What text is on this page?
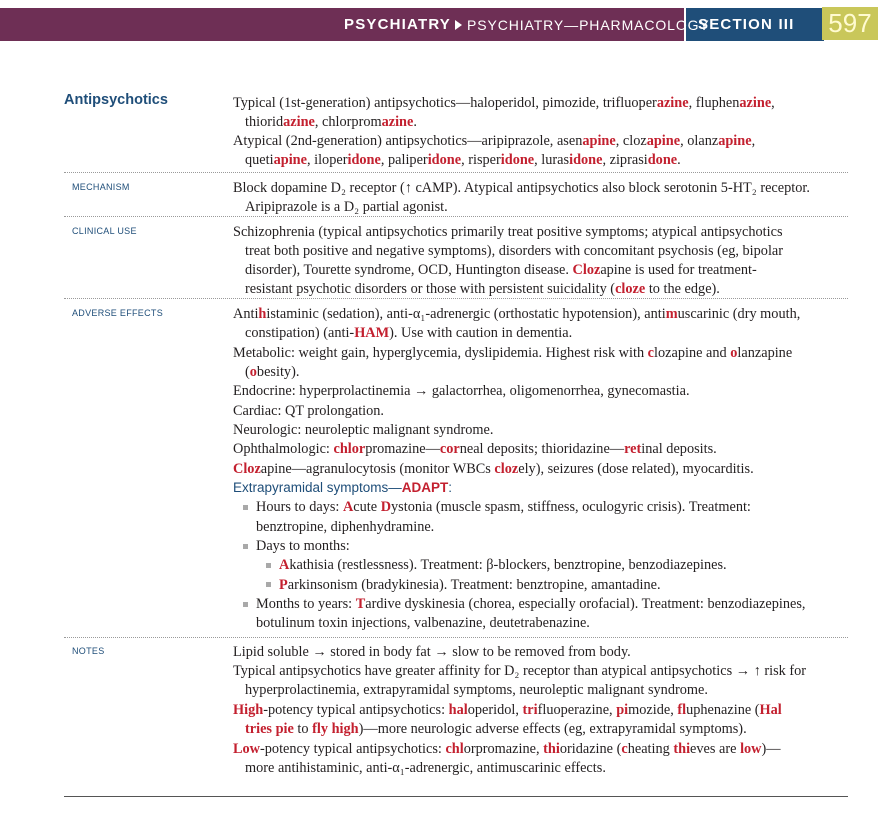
PSYCHIATRY PSYCHIATRY—PHARMACOLOGY
SECTION III 597
Antipsychotics
MECHANISM
CLINICAL USE
ADVERSE EFFECTS
NOTES
Typical (1st-generation) antipsychotics—haloperidol, pimozide, trifluoperazine, fluphenazine,
thioridazine, chlorpromazine.
Atypical (2nd-generation) antipsychotics—aripiprazole, asenapine, clozapine, olanzapine,
quetiapine, iloperidone, paliperidone, risperidone, lurasidone, ziprasidone.
Block dopamine D₂ receptor (↑ cAMP). Atypical antipsychotics also block serotonin 5-HT₂ receptor.
Aripiprazole is a D₂ partial agonist.
Schizophrenia (typical antipsychotics primarily treat positive symptoms; atypical antipsychotics
treat both positive and negative symptoms), disorders with concomitant psychosis (eg, bipolar
disorder), Tourette syndrome, OCD, Huntington disease. Clozapine is used for treatment-
resistant psychotic disorders or those with persistent suicidality (cloze to the edge).
Antihistaminic (sedation), anti-α₁-adrenergic (orthostatic hypotension), antimuscarinic (dry mouth,
constipation) (anti-HAM). Use with caution in dementia.
Metabolic: weight gain, hyperglycemia, dyslipidemia. Highest risk with clozapine and olanzapine
(obesity).
Endocrine: hyperprolactinemia → galactorrhea, oligomenorrhea, gynecomastia.
Cardiac: QT prolongation.
Neurologic: neuroleptic malignant syndrome.
Ophthalmologic: chlorpromazine—corneal deposits; thioridazine—retinal deposits.
Clozapine—agranulocytosis (monitor WBCs clozely), seizures (dose related), myocarditis.
Extrapyramidal symptoms—ADAPT:
Hours to days: Acute Dystonia (muscle spasm, stiffness, oculogyric crisis). Treatment:
benztropine, diphenhydramine.
Days to months:
Akathisia (restlessness). Treatment: β-blockers, benztropine, benzodiazepines.
Parkinsonism (bradykinesia). Treatment: benztropine, amantadine.
Months to years: Tardive dyskinesia (chorea, especially orofacial). Treatment: benzodiazepines,
botulinum toxin injections, valbenazine, deutetrabenazine.
Lipid soluble → stored in body fat → slow to be removed from body.
Typical antipsychotics have greater affinity for D₂ receptor than atypical antipsychotics → ↑ risk for
hyperprolactinemia, extrapyramidal symptoms, neuroleptic malignant syndrome.
High-potency typical antipsychotics: haloperidol, trifluoperazine, pimozide, fluphenazine (Hal
tries pie to fly high)—more neurologic adverse effects (eg, extrapyramidal symptoms).
Low-potency typical antipsychotics: chlorpromazine, thioridazine (cheating thieves are low)—
more antihistaminic, anti-α₁-adrenergic, antimuscarinic effects.
